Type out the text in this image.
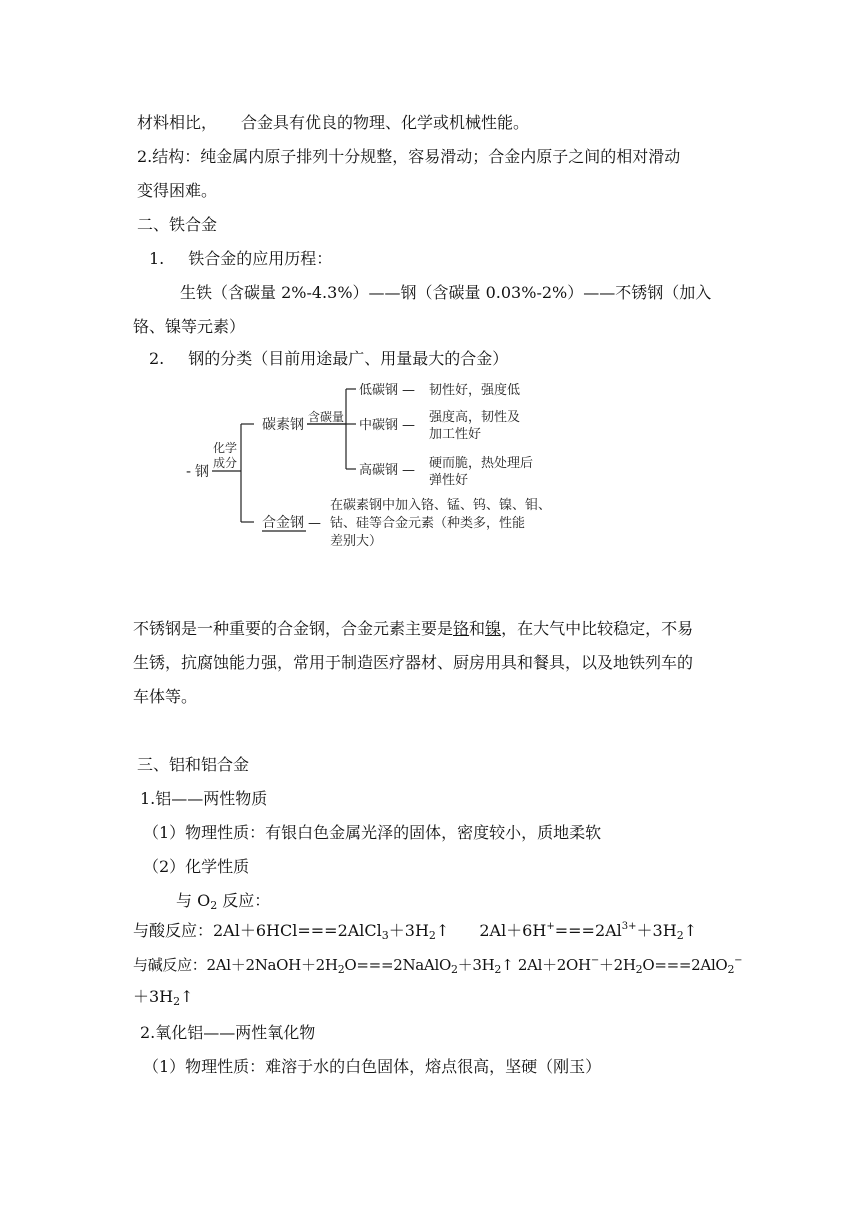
材料相比， 合金具有优良的物理、化学或机械性能。
2.结构：纯金属内原子排列十分规整，容易滑动；合金内原子之间的相对滑动
变得困难。
二、铁合金
1. 铁合金的应用历程：
生铁（含碳量 2%-4.3%）——钢（含碳量 0.03%-2%）——不锈钢（加入
铬、镍等元素）
2. 钢的分类（目前用途最广、用量最大的合金）
- 钢
化学
成分
碳素钢 含碳量
低碳钢 — 韧性好，强度低
中碳钢 —
强度高，韧性及
加工性好
高碳钢 — 硬而脆，热处理后
弹性好
合金钢 —
在碳素钢中加入铬、锰、钨、镍、钼、
钴、硅等合金元素（种类多，性能
差别大）
不锈钢是一种重要的合金钢，合金元素主要是铬和镍，在大气中比较稳定，不易
生锈，抗腐蚀能力强，常用于制造医疗器材、厨房用具和餐具，以及地铁列车的
车体等。
三、铝和铝合金
1.铝——两性物质
（1）物理性质：有银白色金属光泽的固体，密度较小，质地柔软
（2）化学性质
与 $O_2$ 反应：
与酸反应：$2Al+6HCl===2AlCl_3+3H_2↑$ $2Al+6H^+===2Al^{3+}+3H_2↑$
与碱反应：$2Al+2NaOH+2H_2O===2NaAlO_2+3H_2↑$ $2Al+2OH^-+2H_2O===2AlO_2^-$
$+3H_2↑$
2.氧化铝——两性氧化物
（1）物理性质：难溶于水的白色固体，熔点很高，坚硬（刚玉）
